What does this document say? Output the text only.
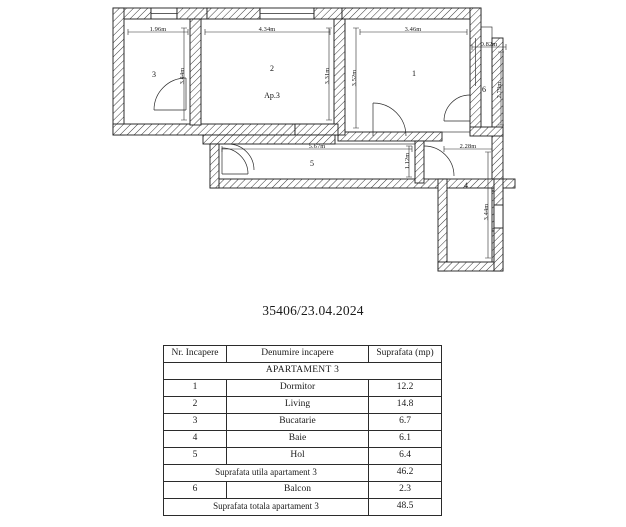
1.96m
3.44m
4.34m
3.31m	3.52m
3.46m
0.82m
2.79m
5.67m
1.12m
2.28m
3.44m
1
2
3
4
5
6
Ap.3
35406/23.04.2024
Nr. Incapere	Denumire incapere	Suprafata (mp)
APARTAMENT 3		
1	Dormitor	12.2
2	Living	14.8
3	Bucatarie	6.7
4	Baie	6.1
5	Hol	6.4
Suprafata utila apartament 3		46.2
6	Balcon	2.3
Suprafata totala apartament 3		48.5
